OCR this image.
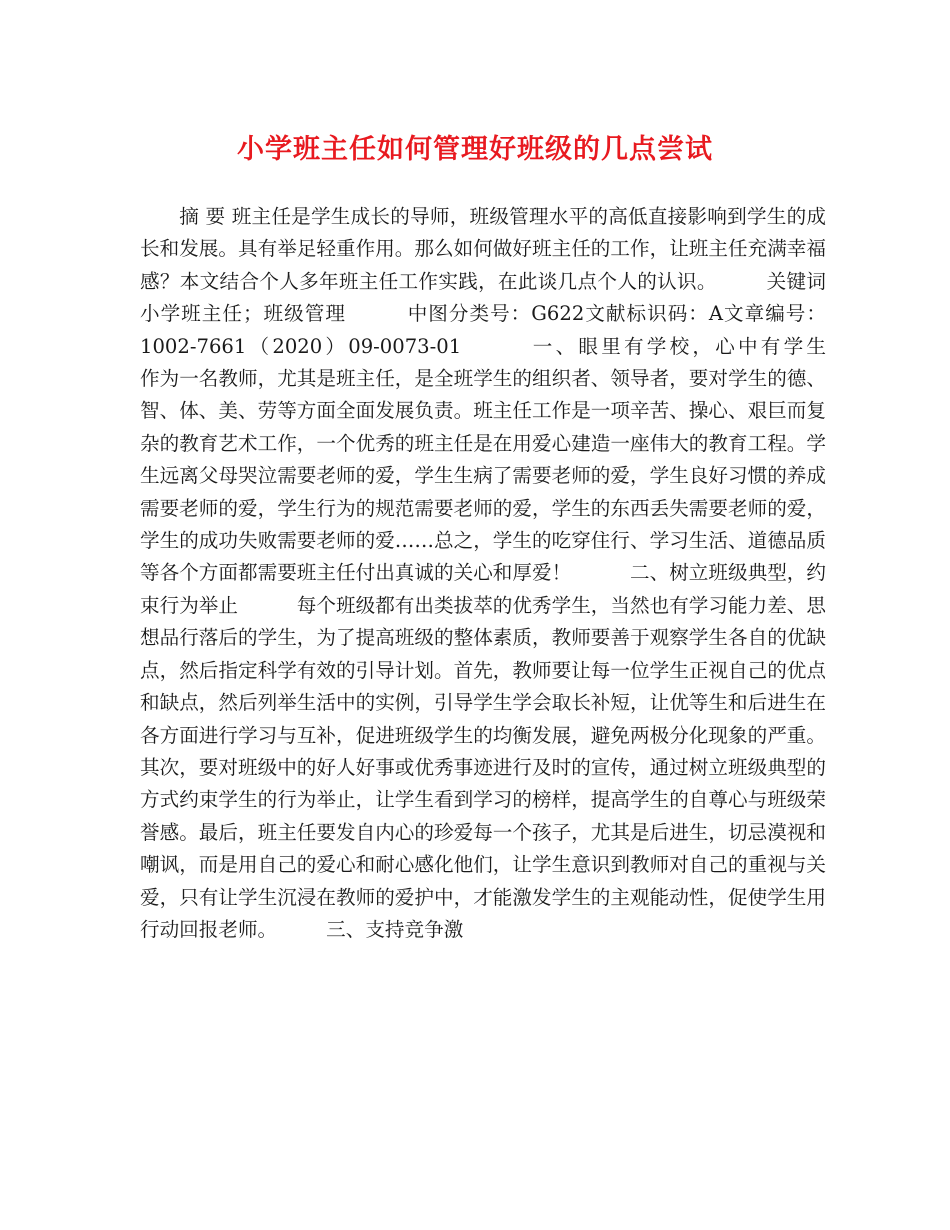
小学班主任如何管理好班级的几点尝试

摘 要 班主任是学生成长的导师，班级管理水平的高低直接影响到学生的成长和发展。具有举足轻重作用。那么如何做好班主任的工作，让班主任充满幸福感？本文结合个人多年班主任工作实践，在此谈几点个人的认识。　　　关键词 小学班主任；班级管理　　　中图分类号：G622文献标识码：A文章编号：1002-7661（2020）09-0073-01　　　一、眼里有学校，心中有学生　　　作为一名教师，尤其是班主任，是全班学生的组织者、领导者，要对学生的德、智、体、美、劳等方面全面发展负责。班主任工作是一项辛苦、操心、艰巨而复杂的教育艺术工作，一个优秀的班主任是在用爱心建造一座伟大的教育工程。学生远离父母哭泣需要老师的爱，学生生病了需要老师的爱，学生良好习惯的养成需要老师的爱，学生行为的规范需要老师的爱，学生的东西丢失需要老师的爱，学生的成功失败需要老师的爱……总之，学生的吃穿住行、学习生活、道德品质等各个方面都需要班主任付出真诚的关心和厚爱！　　　二、树立班级典型，约束行为举止　　　每个班级都有出类拔萃的优秀学生，当然也有学习能力差、思想品行落后的学生，为了提高班级的整体素质，教师要善于观察学生各自的优缺点，然后指定科学有效的引导计划。首先，教师要让每一位学生正视自己的优点和缺点，然后列举生活中的实例，引导学生学会取长补短，让优等生和后进生在各方面进行学习与互补，促进班级学生的均衡发展，避免两极分化现象的严重。其次，要对班级中的好人好事或优秀事迹进行及时的宣传，通过树立班级典型的方式约束学生的行为举止，让学生看到学习的榜样，提高学生的自尊心与班级荣誉感。最后，班主任要发自内心的珍爱每一个孩子，尤其是后进生，切忌漠视和嘲讽，而是用自己的爱心和耐心感化他们，让学生意识到教师对自己的重视与关爱，只有让学生沉浸在教师的爱护中，才能激发学生的主观能动性，促使学生用行动回报老师。　　　三、支持竞争激
